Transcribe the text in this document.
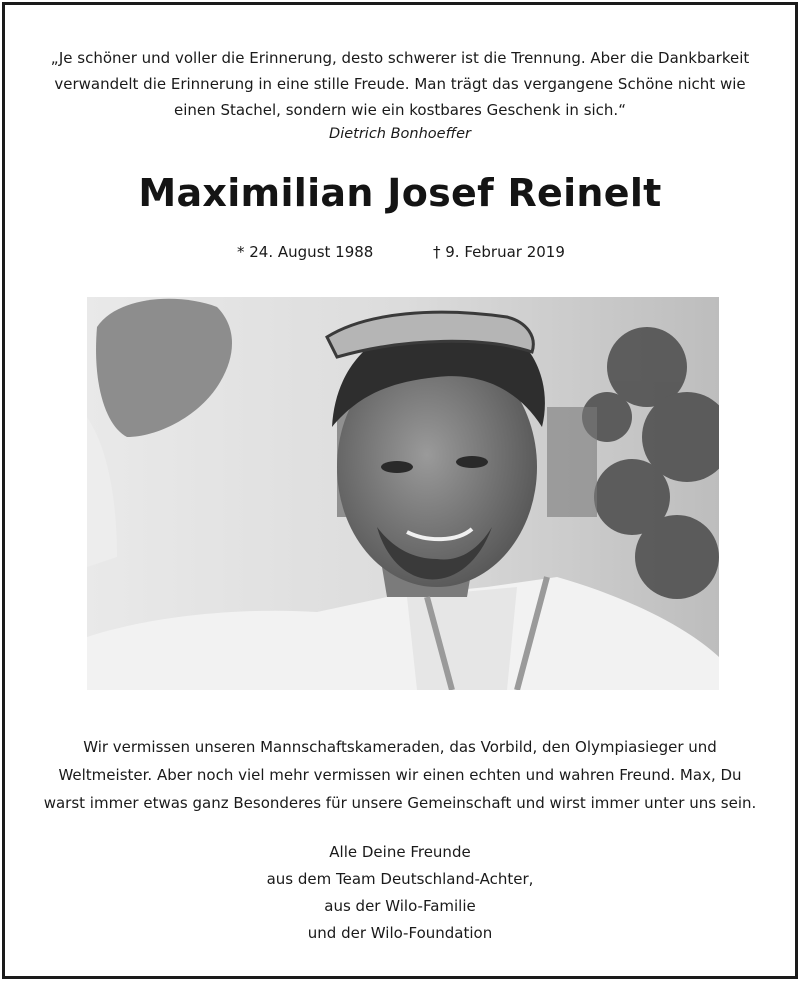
„Je schöner und voller die Erinnerung, desto schwerer ist die Trennung. Aber die Dankbarkeit
verwandelt die Erinnerung in eine stille Freude. Man trägt das vergangene Schöne nicht wie
einen Stachel, sondern wie ein kostbares Geschenk in sich.“
Dietrich Bonhoeffer
Maximilian Josef Reinelt
* 24. August 1988	† 9. Februar 2019
Wir vermissen unseren Mannschaftskameraden, das Vorbild, den Olympiasieger und
Weltmeister. Aber noch viel mehr vermissen wir einen echten und wahren Freund. Max, Du
warst immer etwas ganz Besonderes für unsere Gemeinschaft und wirst immer unter uns sein.
Alle Deine Freunde
aus dem Team Deutschland-Achter,
aus der Wilo-Familie
und der Wilo-Foundation
